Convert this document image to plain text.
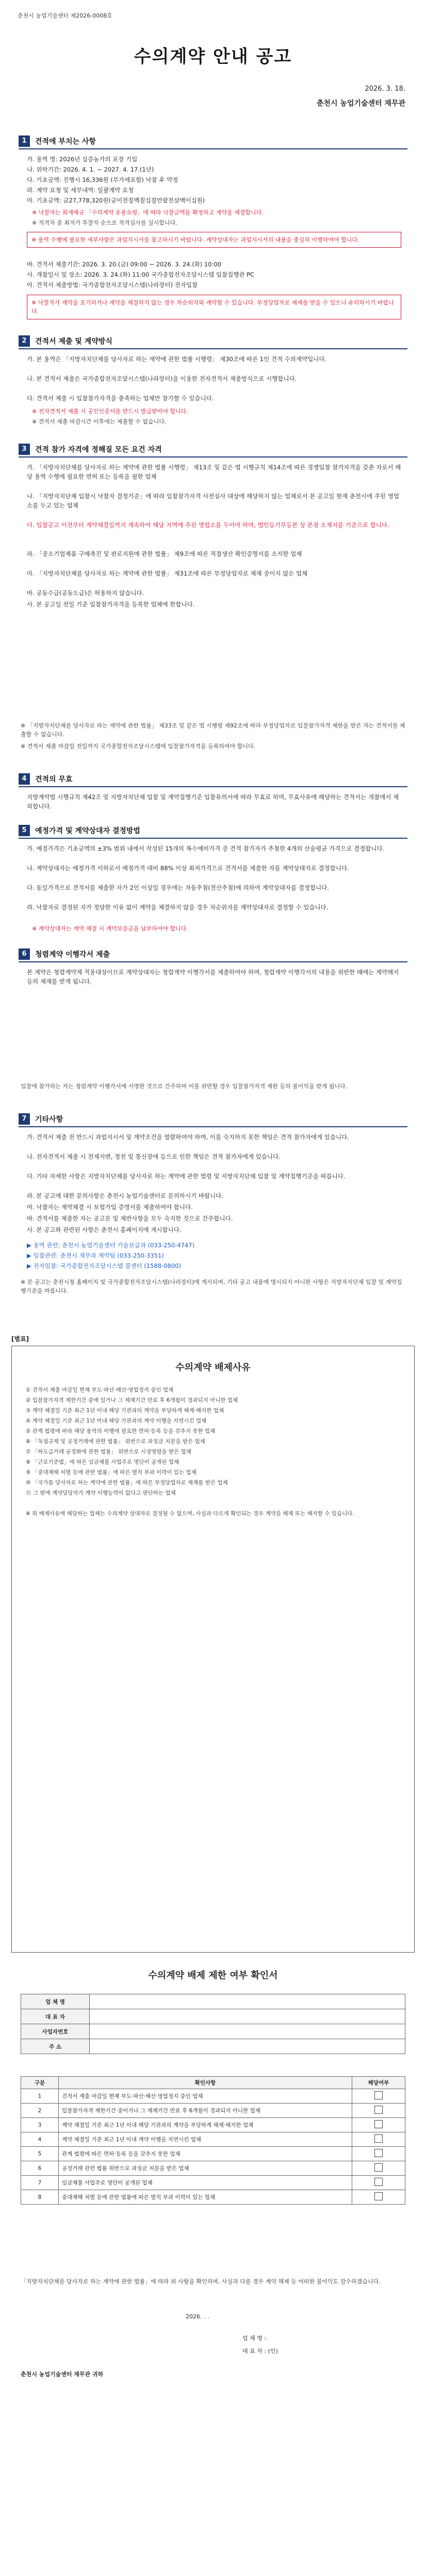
춘천시 농업기술센터 제2026-0008호
수의계약 안내 공고
2026. 3. 18.
춘천시 농업기술센터 재무관
1	견적에 부치는 사항
가. 용역 명: 2026년 실증농가의 포장 기입
나. 위탁기간: 2026. 4. 1. ~ 2027. 4. 17.(1년)
다. 기초금액: 진행시 16,336원 (부가세포함) 낙찰 후 약정
라. 계약 요청 및 세부내역: 일괄계약 요청
마. 기초금액: 금27,778,320원(금이천칠백칠십칠만팔천삼백이십원)
※ 낙찰자는 회계예규 「수의계약 운용요령」에 따라 낙찰금액을 확정하고 계약을 체결합니다.
※ 적격자 중 최저가 투찰자 순으로 적격심사를 실시합니다.
※ 용역 수행에 필요한 세부사항은 과업지시서를 참고하시기 바랍니다. 계약상대자는 과업지시서의 내용을 충실히 이행하여야 합니다.
바. 견적서 제출기간: 2026. 3. 20.(금) 09:00 ~ 2026. 3. 24.(화) 10:00
사. 개찰일시 및 장소: 2026. 3. 24.(화) 11:00 국가종합전자조달시스템 입찰집행관 PC
아. 견적서 제출방법: 국가종합전자조달시스템(나라장터) 전자입찰
※ 낙찰자가 계약을 포기하거나 계약을 체결하지 않는 경우 차순위자와 계약할 수 있습니다. 부정당업자로 제재를 받을 수 있으니 유의하시기 바랍니다.
2	견적서 제출 및 계약방식
가. 본 용역은 「지방자치단체를 당사자로 하는 계약에 관한 법률 시행령」 제30조에 따른 1인 견적 수의계약입니다.
나. 본 견적서 제출은 국가종합전자조달시스템(나라장터)을 이용한 전자견적서 제출방식으로 시행합니다.
다. 견적서 제출 시 입찰참가자격을 충족하는 업체만 참가할 수 있습니다.
※ 전자견적서 제출 시 공인인증서를 반드시 발급받아야 합니다.
※ 견적서 제출 마감시간 이후에는 제출할 수 없습니다.
3	견적 참가 자격에 정해질 모든 요건 자격
가. 「지방자치단체를 당사자로 하는 계약에 관한 법률 시행령」 제13조 및 같은 법 시행규칙 제14조에 따른 경쟁입찰 참가자격을 갖춘 자로서 해당 용역 수행에 필요한 면허 또는 등록을 필한 업체
나. 「지방자치단체 입찰시 낙찰자 결정기준」에 따라 입찰참가자격 사전심사 대상에 해당하지 않는 업체로서 본 공고일 현재 춘천시에 주된 영업소를 두고 있는 업체
다. 입찰공고 이전부터 계약체결일까지 계속하여 해당 지역에 주된 영업소를 두어야 하며, 법인등기부등본 상 본점 소재지를 기준으로 합니다.
라. 「중소기업제품 구매촉진 및 판로지원에 관한 법률」 제9조에 따른 직접생산 확인증명서를 소지한 업체
마. 「지방자치단체를 당사자로 하는 계약에 관한 법률」 제31조에 따른 부정당업자로 제재 중이지 않은 업체
바. 공동수급(공동도급)은 허용하지 않습니다.
사. 본 공고일 전일 기준 입찰참가자격을 등록한 업체에 한합니다.
※ 「지방자치단체를 당사자로 하는 계약에 관한 법률」 제33조 및 같은 법 시행령 제92조에 따라 부정당업자로 입찰참가자격 제한을 받은 자는 견적서를 제출할 수 없습니다.
※ 견적서 제출 마감일 전일까지 국가종합전자조달시스템에 입찰참가자격을 등록하여야 합니다.
4	견적의 무효
지방계약법 시행규칙 제42조 및 지방자치단체 입찰 및 계약집행기준 입찰유의서에 따라 무효로 하며, 무효사유에 해당하는 견적서는 개찰에서 제외합니다.
5	예정가격 및 계약상대자 결정방법
가. 예정가격은 기초금액의 ±3% 범위 내에서 작성된 15개의 복수예비가격 중 견적 참가자가 추첨한 4개의 산술평균 가격으로 결정합니다.
나. 계약상대자는 예정가격 이하로서 예정가격 대비 88% 이상 최저가격으로 견적서를 제출한 자를 계약상대자로 결정합니다.
다. 동일가격으로 견적서를 제출한 자가 2인 이상일 경우에는 자동추첨(전산추첨)에 의하여 계약상대자를 결정합니다.
라. 낙찰자로 결정된 자가 정당한 이유 없이 계약을 체결하지 않을 경우 차순위자를 계약상대자로 결정할 수 있습니다.
※ 계약상대자는 계약 체결 시 계약보증금을 납부하여야 합니다.
6	청렴계약 이행각서 제출
본 계약은 청렴계약제 적용대상이므로 계약상대자는 청렴계약 이행각서를 제출하여야 하며, 청렴계약 이행각서의 내용을 위반한 때에는 계약해지 등의 제재를 받게 됩니다.
입찰에 참가하는 자는 청렴계약 이행각서에 서명한 것으로 간주하며 이를 위반할 경우 입찰참가자격 제한 등의 불이익을 받게 됩니다.
7	기타사항
가. 견적서 제출 전 반드시 과업지시서 및 계약조건을 열람하여야 하며, 이를 숙지하지 못한 책임은 견적 참가자에게 있습니다.
나. 전자견적서 제출 시 천재지변, 정전 및 통신장애 등으로 인한 책임은 견적 참가자에게 있습니다.
다. 기타 자세한 사항은 지방자치단체를 당사자로 하는 계약에 관한 법령 및 지방자치단체 입찰 및 계약집행기준을 따릅니다.
라. 본 공고에 대한 문의사항은 춘천시 농업기술센터로 문의하시기 바랍니다.
마. 낙찰자는 계약체결 시 보험가입 증명서를 제출하여야 합니다.
바. 견적서를 제출한 자는 공고문 및 제반사항을 모두 숙지한 것으로 간주합니다.
사. 본 공고와 관련된 사항은 춘천시 홈페이지에 게시합니다.
▶ 용역 관련: 춘천시 농업기술센터 기술보급과 (033-250-4747)
▶ 입찰관련: 춘천시 재무과 계약팀 (033-250-3351)
▶ 전자입찰: 국가종합전자조달시스템 콜센터 (1588-0800)
※ 본 공고는 춘천시청 홈페이지 및 국가종합전자조달시스템(나라장터)에 게시되며, 기타 공고 내용에 명시되지 아니한 사항은 지방자치단체 입찰 및 계약집행기준을 따릅니다.
[별표]
수의계약 배제사유
① 견적서 제출 마감일 현재 부도·파산·해산·영업정지 중인 업체
② 입찰참가자격 제한기간 중에 있거나 그 제재기간 만료 후 6개월이 경과되지 아니한 업체
③ 계약 체결일 기준 최근 1년 이내 해당 기관과의 계약을 부당하게 해제·해지한 업체
④ 계약 체결일 기준 최근 1년 이내 해당 기관과의 계약 이행을 지연시킨 업체
⑤ 관계 법령에 따라 해당 용역의 이행에 필요한 면허·등록 등을 갖추지 못한 업체
⑥ 「독점규제 및 공정거래에 관한 법률」 위반으로 과징금 처분을 받은 업체
⑦ 「하도급거래 공정화에 관한 법률」 위반으로 시정명령을 받은 업체
⑧ 「근로기준법」에 따른 임금체불 사업주로 명단이 공개된 업체
⑨ 「중대재해 처벌 등에 관한 법률」에 따른 벌칙 부과 이력이 있는 업체
⑩ 「국가를 당사자로 하는 계약에 관한 법률」에 따른 부정당업자로 제재를 받은 업체
⑪ 그 밖에 계약담당자가 계약 이행능력이 없다고 판단하는 업체
※ 위 배제사유에 해당하는 업체는 수의계약 상대자로 결정될 수 없으며, 사실과 다르게 확인되는 경우 계약을 해제 또는 해지할 수 있습니다.
수의계약 배제 제한 여부 확인서
업 체 명	
대 표 자	
사업자번호	
주 소	
구분	확인사항	해당여부
1	견적서 제출 마감일 현재 부도·파산·해산·영업정지 중인 업체	
2	입찰참가자격 제한기간 중이거나 그 제재기간 만료 후 6개월이 경과되지 아니한 업체	
3	계약 체결일 기준 최근 1년 이내 해당 기관과의 계약을 부당하게 해제·해지한 업체	
4	계약 체결일 기준 최근 1년 이내 계약 이행을 지연시킨 업체	
5	관계 법령에 따른 면허·등록 등을 갖추지 못한 업체	
6	공정거래 관련 법률 위반으로 과징금 처분을 받은 업체	
7	임금체불 사업주로 명단이 공개된 업체	
8	중대재해 처벌 등에 관한 법률에 따른 벌칙 부과 이력이 있는 업체	
「지방자치단체를 당사자로 하는 계약에 관한 법률」에 따라 위 사항을 확인하며, 사실과 다를 경우 계약 해제 등 어떠한 불이익도 감수하겠습니다.
2026. . .
업 체 명 :
대 표 자 : (인)
춘천시 농업기술센터 재무관 귀하
